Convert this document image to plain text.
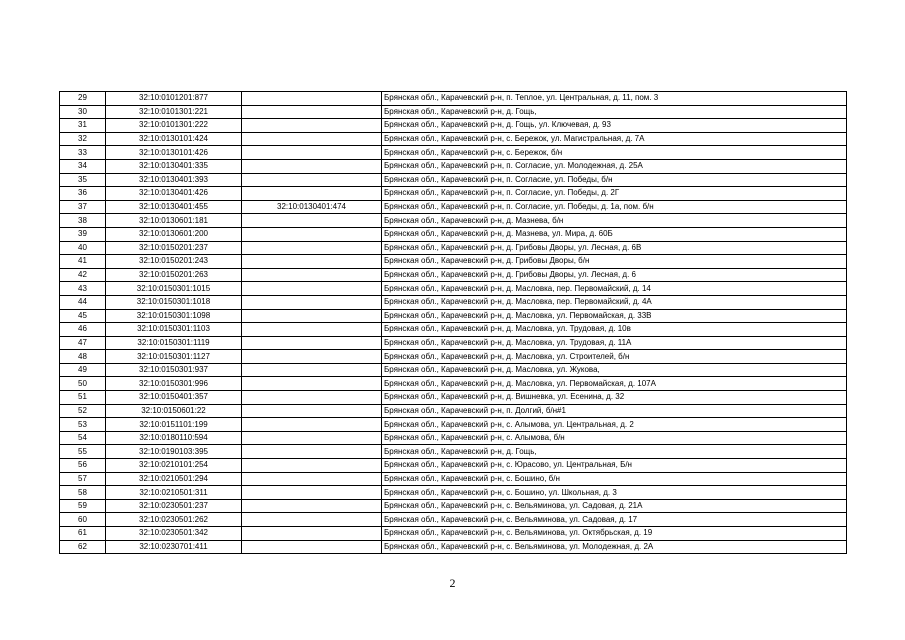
29	32:10:0101201:877		Брянская обл., Карачевский р-н, п. Теплое, ул. Центральная, д. 11, пом. 3
30	32:10:0101301:221		Брянская обл., Карачевский р-н, д. Гощь,
31	32:10:0101301:222		Брянская обл., Карачевский р-н, д. Гощь, ул. Ключевая, д. 93
32	32:10:0130101:424		Брянская обл., Карачевский р-н, с. Бережок, ул. Магистральная, д. 7А
33	32:10:0130101:426		Брянская обл., Карачевский р-н, с. Бережок, б/н
34	32:10:0130401:335		Брянская обл., Карачевский р-н, п. Согласие, ул. Молодежная, д. 25А
35	32:10:0130401:393		Брянская обл., Карачевский р-н, п. Согласие, ул. Победы, б/н
36	32:10:0130401:426		Брянская обл., Карачевский р-н, п. Согласие, ул. Победы, д. 2Г
37	32:10:0130401:455	32:10:0130401:474	Брянская обл., Карачевский р-н, п. Согласие, ул. Победы, д. 1а, пом. б/н
38	32:10:0130601:181		Брянская обл., Карачевский р-н, д. Мазнева, б/н
39	32:10:0130601:200		Брянская обл., Карачевский р-н, д. Мазнева, ул. Мира, д. 60Б
40	32:10:0150201:237		Брянская обл., Карачевский р-н, д. Грибовы Дворы, ул. Лесная, д. 6В
41	32:10:0150201:243		Брянская обл., Карачевский р-н, д. Грибовы Дворы, б/н
42	32:10:0150201:263		Брянская обл., Карачевский р-н, д. Грибовы Дворы, ул. Лесная, д. 6
43	32:10:0150301:1015		Брянская обл., Карачевский р-н, д. Масловка, пер. Первомайский, д. 14
44	32:10:0150301:1018		Брянская обл., Карачевский р-н, д. Масловка, пер. Первомайский, д. 4А
45	32:10:0150301:1098		Брянская обл., Карачевский р-н, д. Масловка, ул. Первомайская, д. 33В
46	32:10:0150301:1103		Брянская обл., Карачевский р-н, д. Масловка, ул. Трудовая, д. 10в
47	32:10:0150301:1119		Брянская обл., Карачевский р-н, д. Масловка, ул. Трудовая, д. 11А
48	32:10:0150301:1127		Брянская обл., Карачевский р-н, д. Масловка, ул. Строителей, б/н
49	32:10:0150301:937		Брянская обл., Карачевский р-н, д. Масловка, ул. Жукова,
50	32:10:0150301:996		Брянская обл., Карачевский р-н, д. Масловка, ул. Первомайская, д. 107А
51	32:10:0150401:357		Брянская обл., Карачевский р-н, д. Вишневка, ул. Есенина, д. 32
52	32:10:0150601:22		Брянская обл., Карачевский р-н, п. Долгий, б/н#1
53	32:10:0151101:199		Брянская обл., Карачевский р-н, с. Алымова, ул. Центральная, д. 2
54	32:10:0180110:594		Брянская обл., Карачевский р-н, с. Алымова, б/н
55	32:10:0190103:395		Брянская обл., Карачевский р-н, д. Гощь,
56	32:10:0210101:254		Брянская обл., Карачевский р-н, с. Юрасово, ул. Центральная, Б/н
57	32:10:0210501:294		Брянская обл., Карачевский р-н, с. Бошино, б/н
58	32:10:0210501:311		Брянская обл., Карачевский р-н, с. Бошино, ул. Школьная, д. 3
59	32:10:0230501:237		Брянская обл., Карачевский р-н, с. Вельяминова, ул. Садовая, д. 21А
60	32:10:0230501:262		Брянская обл., Карачевский р-н, с. Вельяминова, ул. Садовая, д. 17
61	32:10:0230501:342		Брянская обл., Карачевский р-н, с. Вельяминова, ул. Октябрьская, д. 19
62	32:10:0230701:411		Брянская обл., Карачевский р-н, с. Вельяминова, ул. Молодежная, д. 2А
2
